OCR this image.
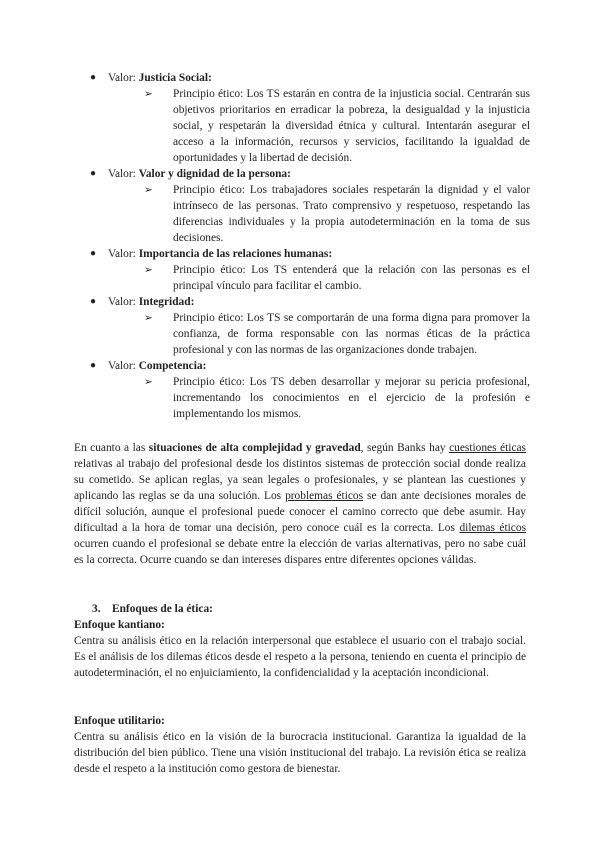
● Valor: Justicia Social:
➢ Principio ético: Los TS estarán en contra de la injusticia social. Centrarán sus objetivos prioritarios en erradicar la pobreza, la desigualdad y la injusticia social, y respetarán la diversidad étnica y cultural. Intentarán asegurar el acceso a la información, recursos y servicios, facilitando la igualdad de oportunidades y la libertad de decisión.
● Valor: Valor y dignidad de la persona:
➢ Principio ético: Los trabajadores sociales respetarán la dignidad y el valor intrínseco de las personas. Trato comprensivo y respetuoso, respetando las diferencias individuales y la propia autodeterminación en la toma de sus decisiones.
● Valor: Importancia de las relaciones humanas:
➢ Principio ético: Los TS entenderá que la relación con las personas es el principal vínculo para facilitar el cambio.
● Valor: Integridad:
➢ Principio ético: Los TS se comportarán de una forma digna para promover la confianza, de forma responsable con las normas éticas de la práctica profesional y con las normas de las organizaciones donde trabajen.
● Valor: Competencia:
➢ Principio ético: Los TS deben desarrollar y mejorar su pericia profesional, incrementando los conocimientos en el ejercicio de la profesión e implementando los mismos.

En cuanto a las situaciones de alta complejidad y gravedad, según Banks hay cuestiones éticas relativas al trabajo del profesional desde los distintos sistemas de protección social donde realiza su cometido. Se aplican reglas, ya sean legales o profesionales, y se plantean las cuestiones y aplicando las reglas se da una solución. Los problemas éticos se dan ante decisiones morales de difícil solución, aunque el profesional puede conocer el camino correcto que debe asumir. Hay dificultad a la hora de tomar una decisión, pero conoce cuál es la correcta. Los dilemas éticos ocurren cuando el profesional se debate entre la elección de varias alternativas, pero no sabe cuál es la correcta. Ocurre cuando se dan intereses dispares entre diferentes opciones válidas.

3. Enfoques de la ética:
Enfoque kantiano:

Centra su análisis ético en la relación interpersonal que establece el usuario con el trabajo social. Es el análisis de los dilemas éticos desde el respeto a la persona, teniendo en cuenta el principio de autodeterminación, el no enjuiciamiento, la confidencialidad y la aceptación incondicional.

Enfoque utilitario:

Centra su análisis ético en la visión de la burocracia institucional. Garantiza la igualdad de la distribución del bien público. Tiene una visión institucional del trabajo. La revisión ética se realiza desde el respeto a la institución como gestora de bienestar.
